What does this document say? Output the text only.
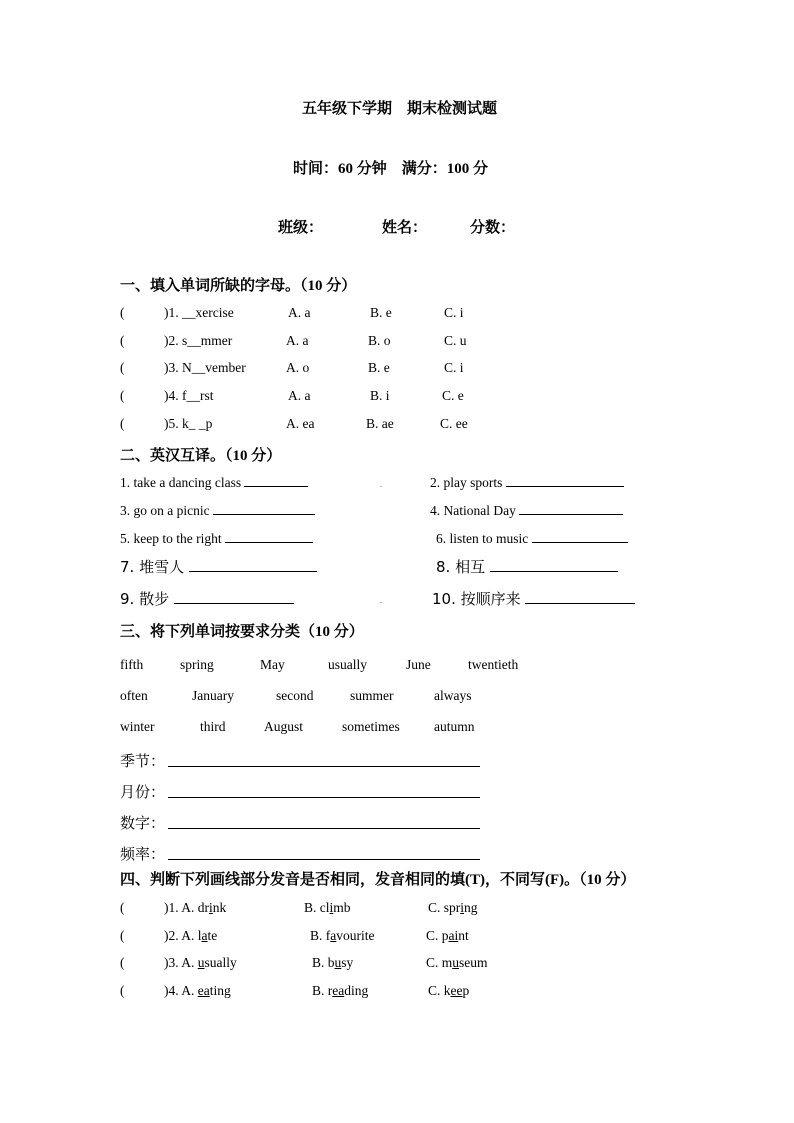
五年级下学期　期末检测试题
时间：60 分钟　满分：100 分
班级：	姓名：	分数：
一、填入单词所缺的字母。（10 分）
(	)1. __xercise	A. a	B. e	C. i
(	)2. s__mmer	A. a	B. o	C. u
(	)3. N__vember	A. o	B. e	C. i
(	)4. f__rst	A. a	B. i	C. e
(	)5. k_ _p	A. ea	B. ae	C. ee
二、英汉互译。（10 分）
1. take a dancing class	2. play sports
3. go on a picnic	4. National Day
5. keep to the right	6. listen to music
7. 堆雪人	8. 相互
9. 散步	10. 按顺序来
三、将下列单词按要求分类（10 分）
fifth	spring	May	usually	June	twentieth
often	January	second	summer	always
winter	third	August	sometimes	autumn
季节：
月份：
数字：
频率：
四、判断下列画线部分发音是否相同，发音相同的填(T)，不同写(F)。（10 分）
(	)1. A. drink	B. climb	C. spring
(	)2. A. late	B. favourite	C. paint
(	)3. A. usually	B. busy	C. museum
(	)4. A. eating	B. reading	C. keep
